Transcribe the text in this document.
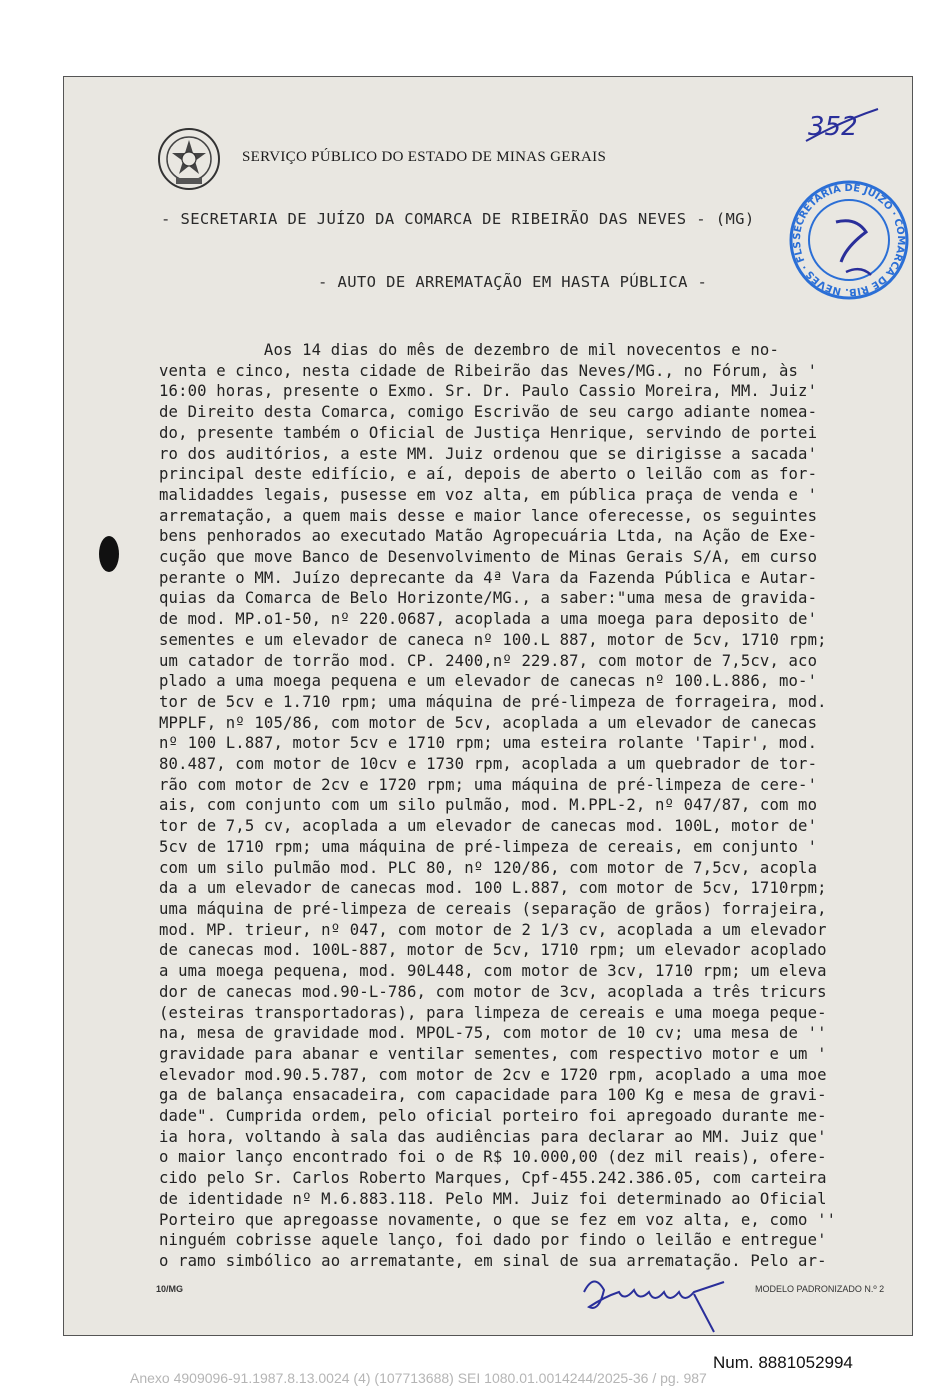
SERVIÇO PÚBLICO DO ESTADO DE MINAS GERAIS
- SECRETARIA DE JUÍZO DA COMARCA DE RIBEIRÃO DAS NEVES - (MG)
- AUTO DE ARREMATAÇÃO EM HASTA PÚBLICA -
Aos 14 dias do mês de dezembro de mil novecentos e no-
venta e cinco, nesta cidade de Ribeirão das Neves/MG., no Fórum, às '
16:00 horas, presente o Exmo. Sr. Dr. Paulo Cassio Moreira, MM. Juiz'
de Direito desta Comarca, comigo Escrivão de seu cargo adiante nomea-
do, presente também o Oficial de Justiça Henrique, servindo de portei
ro dos auditórios, a este MM. Juiz ordenou que se dirigisse a sacada'
principal deste edifício, e aí, depois de aberto o leilão com as for-
malidaddes legais, pusesse em voz alta, em pública praça de venda e '
arrematação, a quem mais desse e maior lance oferecesse, os seguintes
bens penhorados ao executado Matão Agropecuária Ltda, na Ação de Exe-
cução que move Banco de Desenvolvimento de Minas Gerais S/A, em curso
perante o MM. Juízo deprecante da 4ª Vara da Fazenda Pública e Autar-
quias da Comarca de Belo Horizonte/MG., a saber:"uma mesa de gravida-
de mod. MP.o1-50, nº 220.0687, acoplada a uma moega para deposito de'
sementes e um elevador de caneca nº 100.L 887, motor de 5cv, 1710 rpm;
um catador de torrão mod. CP. 2400,nº 229.87, com motor de 7,5cv, aco
plado a uma moega pequena e um elevador de canecas nº 100.L.886, mo-'
tor de 5cv e 1.710 rpm; uma máquina de pré-limpeza de forrageira, mod.
MPPLF, nº 105/86, com motor de 5cv, acoplada a um elevador de canecas
nº 100 L.887, motor 5cv e 1710 rpm; uma esteira rolante 'Tapir', mod.
80.487, com motor de 10cv e 1730 rpm, acoplada a um quebrador de tor-
rão com motor de 2cv e 1720 rpm; uma máquina de pré-limpeza de cere-'
ais, com conjunto com um silo pulmão, mod. M.PPL-2, nº 047/87, com mo
tor de 7,5 cv, acoplada a um elevador de canecas mod. 100L, motor de'
5cv de 1710 rpm; uma máquina de pré-limpeza de cereais, em conjunto '
com um silo pulmão mod. PLC 80, nº 120/86, com motor de 7,5cv, acopla
da a um elevador de canecas mod. 100 L.887, com motor de 5cv, 1710rpm;
uma máquina de pré-limpeza de cereais (separação de grãos) forrajeira,
mod. MP. trieur, nº 047, com motor de 2 1/3 cv, acoplada a um elevador
de canecas mod. 100L-887, motor de 5cv, 1710 rpm; um elevador acoplado
a uma moega pequena, mod. 90L448, com motor de 3cv, 1710 rpm; um eleva
dor de canecas mod.90-L-786, com motor de 3cv, acoplada a três tricurs
(esteiras transportadoras), para limpeza de cereais e uma moega peque-
na, mesa de gravidade mod. MPOL-75, com motor de 10 cv; uma mesa de ''
gravidade para abanar e ventilar sementes, com respectivo motor e um '
elevador mod.90.5.787, com motor de 2cv e 1720 rpm, acoplado a uma moe
ga de balança ensacadeira, com capacidade para 100 Kg e mesa de gravi-
dade". Cumprida ordem, pelo oficial porteiro foi apregoado durante me-
ia hora, voltando à sala das audiências para declarar ao MM. Juiz que'
o maior lanço encontrado foi o de R$ 10.000,00 (dez mil reais), ofere-
cido pelo Sr. Carlos Roberto Marques, Cpf-455.242.386.05, com carteira
de identidade nº M.6.883.118. Pelo MM. Juiz foi determinado ao Oficial
Porteiro que apregoasse novamente, o que se fez em voz alta, e, como ''
ninguém cobrisse aquele lanço, foi dado por findo o leilão e entregue'
o ramo simbólico ao arrematante, em sinal de sua arrematação. Pelo ar-
10/MG	MODELO PADRONIZADO N.º 2
352
SECRETARIA DE JUIZO · COMARCA DE RIB. NEVES · FLS
Num. 8881052994
Anexo 4909096-91.1987.8.13.0024 (4) (107713688) SEI 1080.01.0014244/2025-36 / pg. 987
